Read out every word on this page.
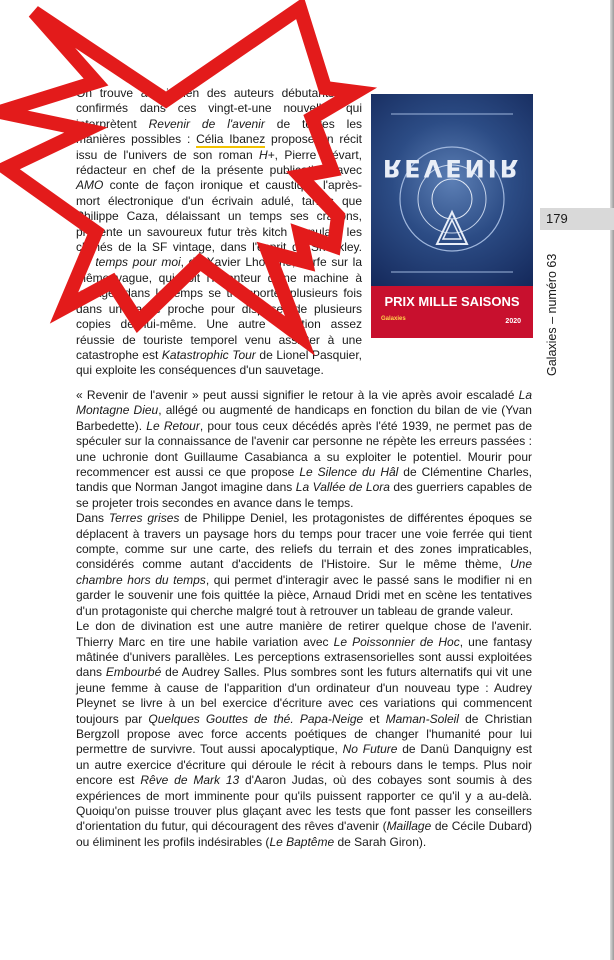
On trouve aussi bien des auteurs débutants que confirmés dans ces vingt-et-une nouvelles qui interprètent Revenir de l'avenir de toutes les manières possibles : Célia Ibanez propose un récit issu de l'univers de son roman H+, Pierre Gévart, rédacteur en chef de la présente publication, avec AMO conte de façon ironique et caustique l'après-mort électronique d'un écrivain adulé, tandis que Philippe Caza, délaissant un temps ses crayons, présente un savoureux futur très kitch cumulant les clichés de la SF vintage, dans l'esprit de Sheckley. Au temps pour moi, de Xavier Lhomme, surfe sur la même vague, qui voit l'inventeur d'une machine à voyager dans le temps se transporter plusieurs fois dans un passé proche pour disposer de plusieurs copies de lui-même. Une autre variation assez réussie de touriste temporel venu assister à une catastrophe est Katastrophic Tour de Lionel Pasquier, qui exploite les conséquences d'un sauvetage.

REVENIR
PRIX MILLE SAISONS
2020
Galaxies
179
Galaxies – numéro 63

« Revenir de l'avenir » peut aussi signifier le retour à la vie après avoir escaladé La Montagne Dieu, allégé ou augmenté de handicaps en fonction du bilan de vie (Yvan Barbedette). Le Retour, pour tous ceux décédés après l'été 1939, ne permet pas de spéculer sur la connaissance de l'avenir car personne ne répète les erreurs passées : une uchronie dont Guillaume Casabianca a su exploiter le potentiel. Mourir pour recommencer est aussi ce que propose Le Silence du Hâl de Clémentine Charles, tandis que Norman Jangot imagine dans La Vallée de Lora des guerriers capables de se projeter trois secondes en avance dans le temps.

Dans Terres grises de Philippe Deniel, les protagonistes de différentes époques se déplacent à travers un paysage hors du temps pour tracer une voie ferrée qui tient compte, comme sur une carte, des reliefs du terrain et des zones impraticables, considérés comme autant d'accidents de l'Histoire. Sur le même thème, Une chambre hors du temps, qui permet d'interagir avec le passé sans le modifier ni en garder le souvenir une fois quittée la pièce, Arnaud Dridi met en scène les tentatives d'un protagoniste qui cherche malgré tout à retrouver un tableau de grande valeur.

Le don de divination est une autre manière de retirer quelque chose de l'avenir. Thierry Marc en tire une habile variation avec Le Poissonnier de Hoc, une fantasy mâtinée d'univers parallèles. Les perceptions extrasensorielles sont aussi exploitées dans Embourbé de Audrey Salles. Plus sombres sont les futurs alternatifs qui vit une jeune femme à cause de l'apparition d'un ordinateur d'un nouveau type : Audrey Pleynet se livre à un bel exercice d'écriture avec ces variations qui commencent toujours par Quelques Gouttes de thé. Papa-Neige et Maman-Soleil de Christian Bergzoll propose avec force accents poétiques de changer l'humanité pour lui permettre de survivre. Tout aussi apocalyptique, No Future de Danü Danquigny est un autre exercice d'écriture qui déroule le récit à rebours dans le temps. Plus noir encore est Rêve de Mark 13 d'Aaron Judas, où des cobayes sont soumis à des expériences de mort imminente pour qu'ils puissent rapporter ce qu'il y a au-delà. Quoiqu'on puisse trouver plus glaçant avec les tests que font passer les conseillers d'orientation du futur, qui découragent des rêves d'avenir (Maillage de Cécile Dubard) ou éliminent les profils indésirables (Le Baptême de Sarah Giron).
